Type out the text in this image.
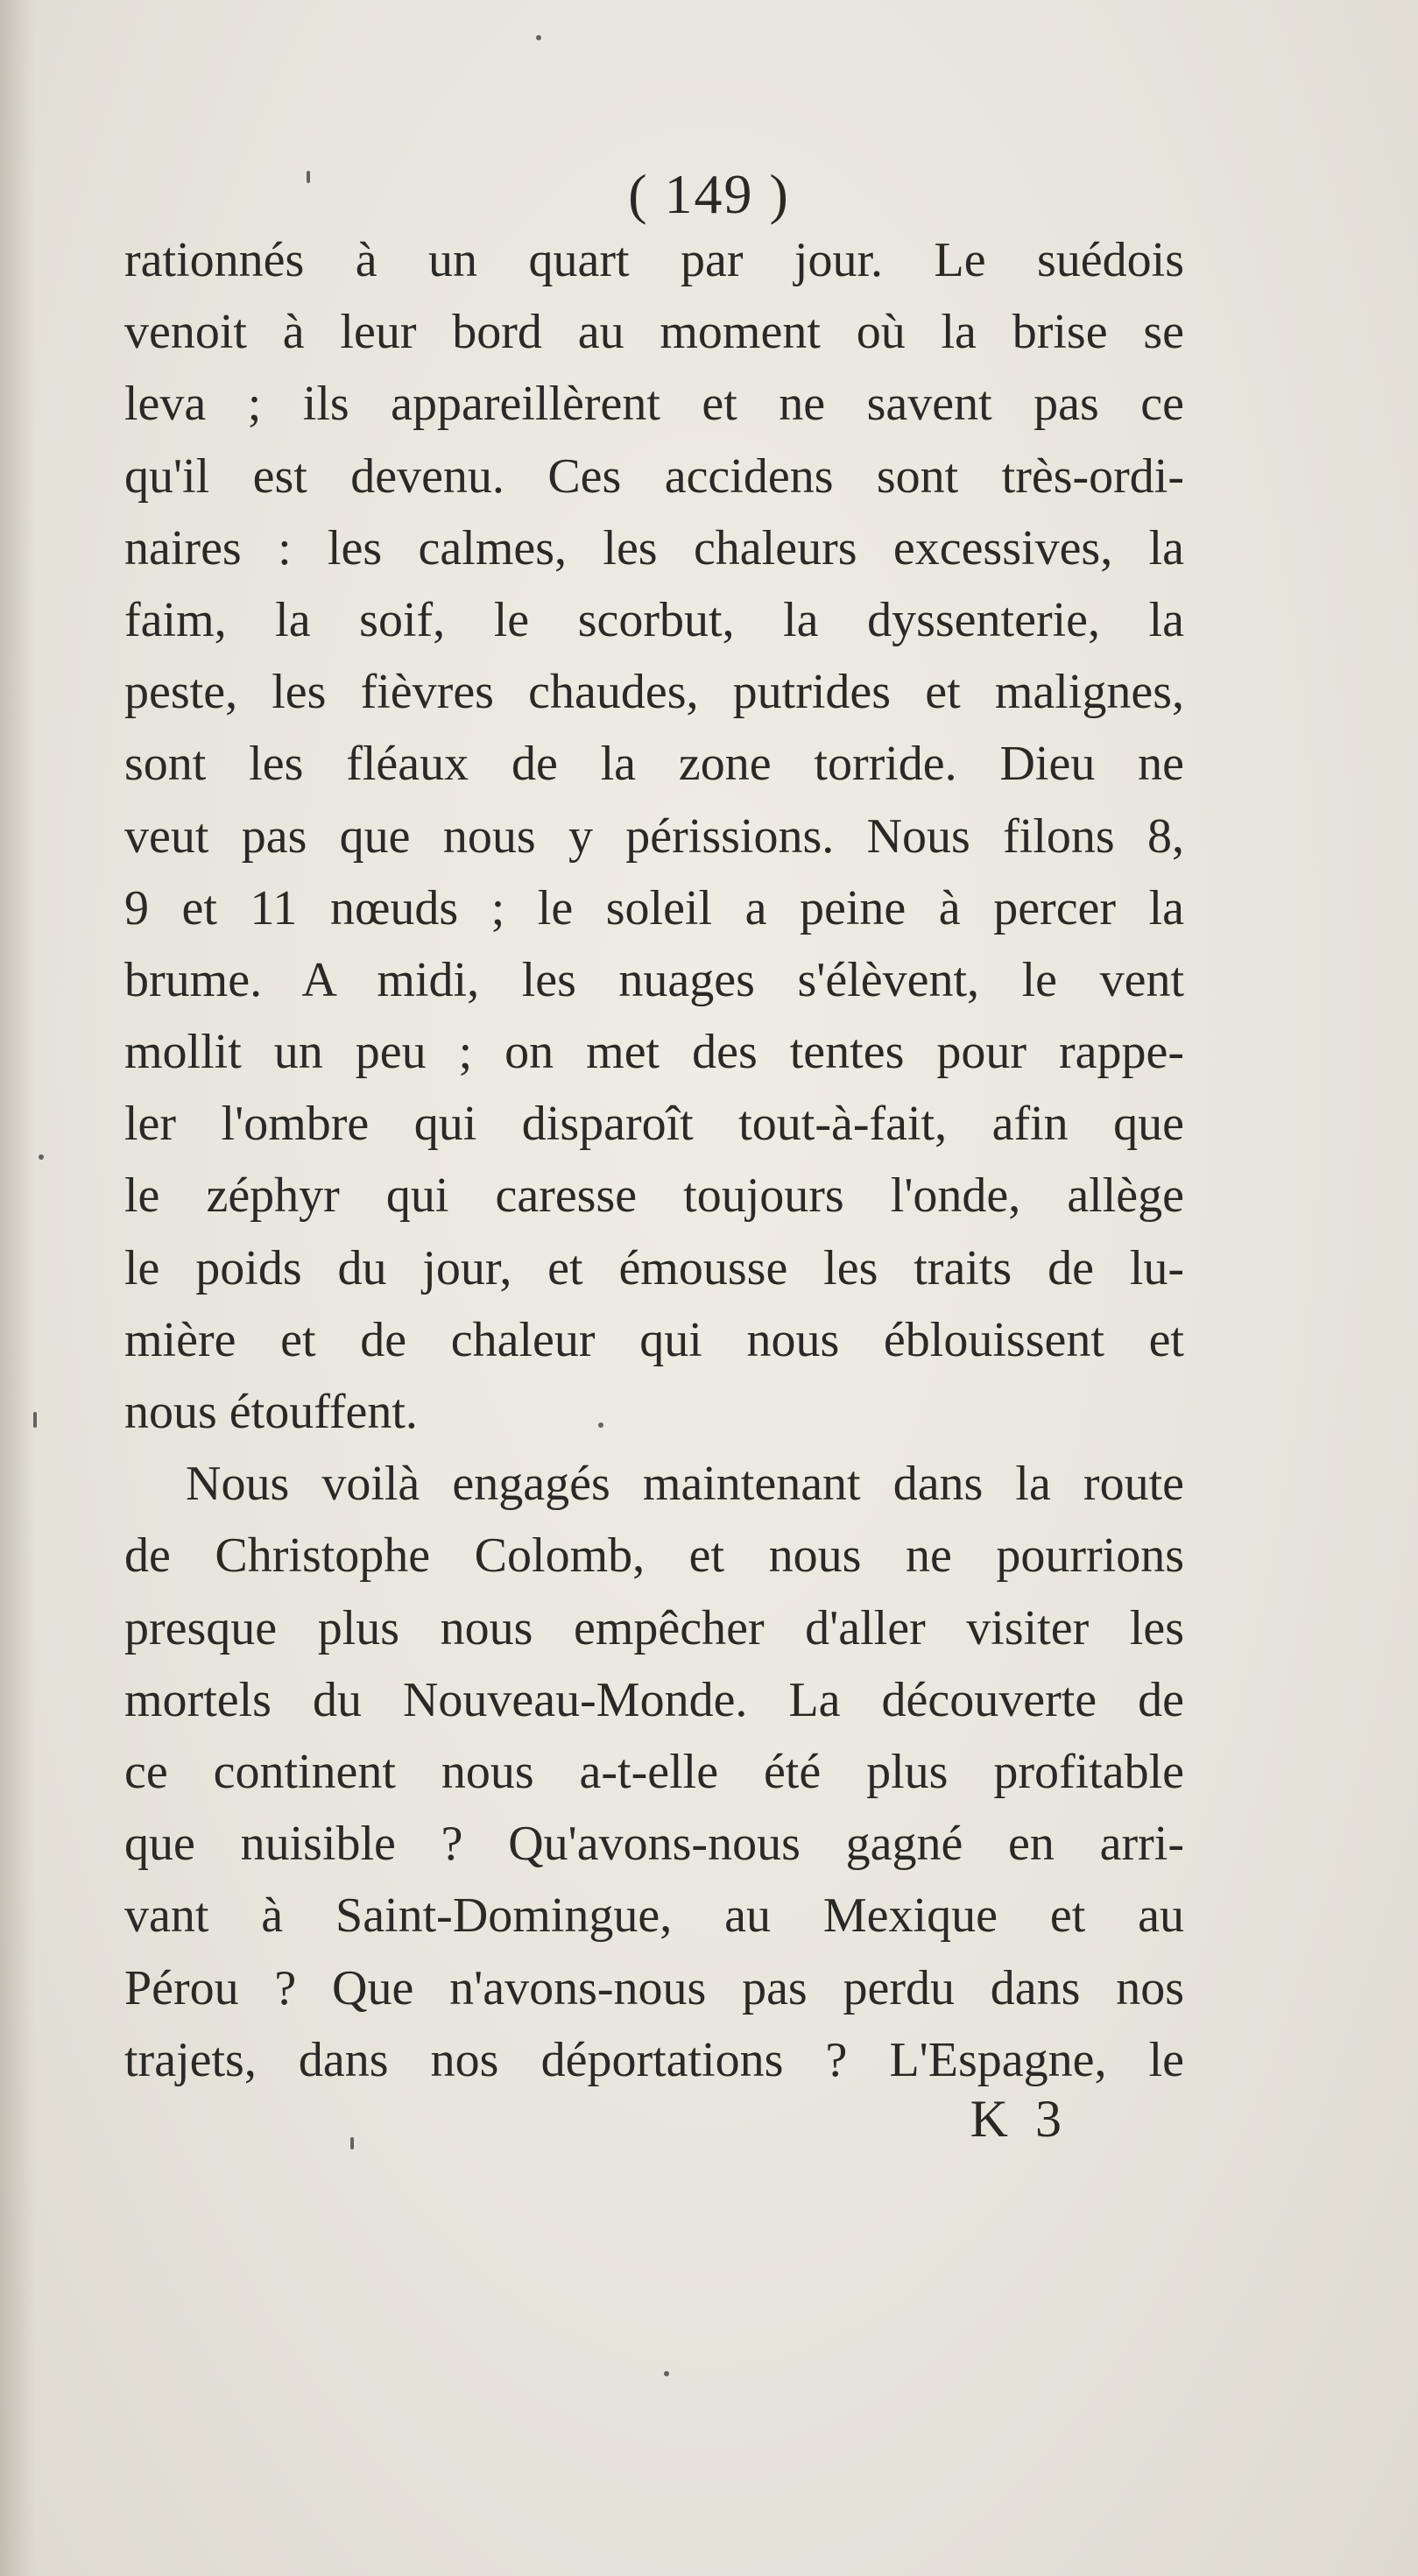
( 149 )
rationnés à un quart par jour. Le suédois
venoit à leur bord au moment où la brise se
leva ; ils appareillèrent et ne savent pas ce
qu'il est devenu. Ces accidens sont très-ordi-
naires : les calmes, les chaleurs excessives, la
faim, la soif, le scorbut, la dyssenterie, la
peste, les fièvres chaudes, putrides et malignes,
sont les fléaux de la zone torride. Dieu ne
veut pas que nous y périssions. Nous filons 8,
9 et 11 nœuds ; le soleil a peine à percer la
brume. A midi, les nuages s'élèvent, le vent
mollit un peu ; on met des tentes pour rappe-
ler l'ombre qui disparoît tout-à-fait, afin que
le zéphyr qui caresse toujours l'onde, allège
le poids du jour, et émousse les traits de lu-
mière et de chaleur qui nous éblouissent et
nous étouffent.
Nous voilà engagés maintenant dans la route
de Christophe Colomb, et nous ne pourrions
presque plus nous empêcher d'aller visiter les
mortels du Nouveau-Monde. La découverte de
ce continent nous a-t-elle été plus profitable
que nuisible ? Qu'avons-nous gagné en arri-
vant à Saint-Domingue, au Mexique et au
Pérou ? Que n'avons-nous pas perdu dans nos
trajets, dans nos déportations ? L'Espagne, le
K 3
